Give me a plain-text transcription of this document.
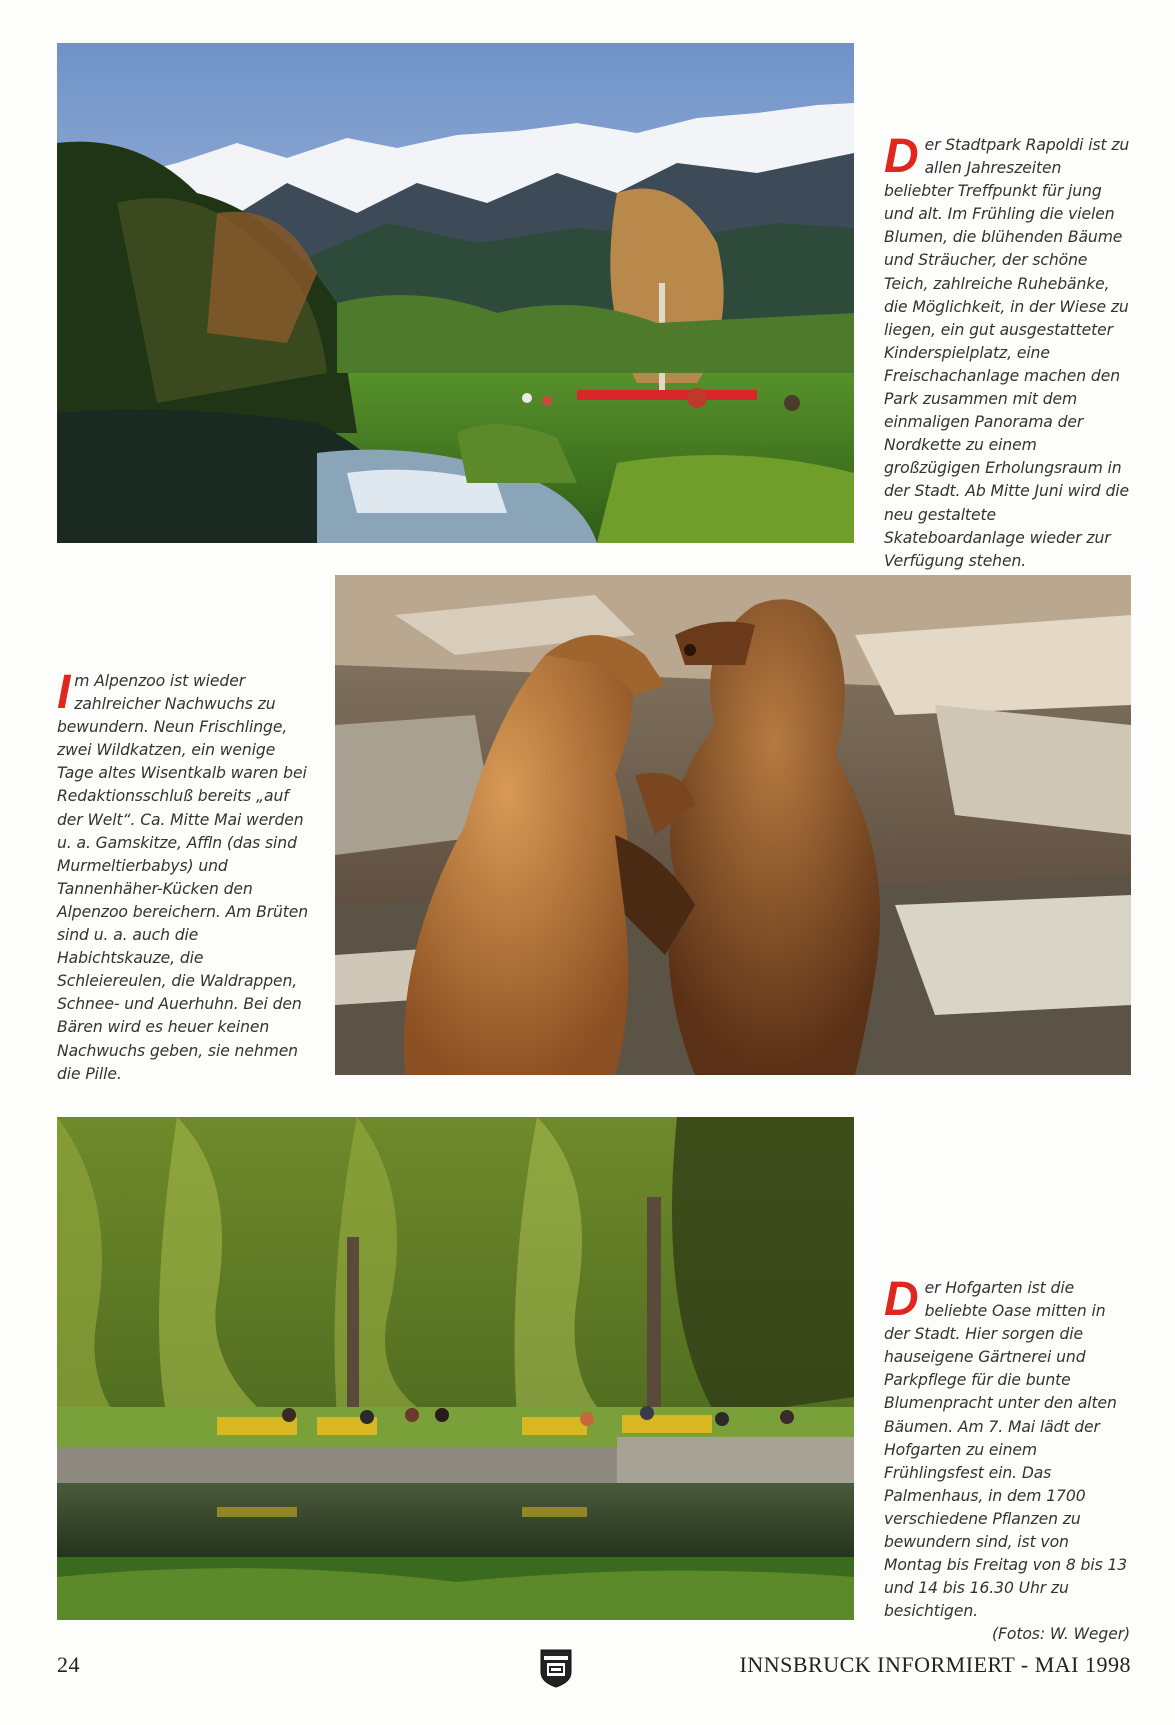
Der Stadtpark Rapoldi ist zu allen Jahreszeiten beliebter Treffpunkt für jung und alt. Im Frühling die vielen Blumen, die blühenden Bäume und Sträucher, der schöne Teich, zahlreiche Ruhebänke, die Möglichkeit, in der Wiese zu liegen, ein gut ausgestatteter Kinderspielplatz, eine Freischachanlage machen den Park zusammen mit dem einmaligen Panorama der Nordkette zu einem großzügigen Erholungsraum in der Stadt. Ab Mitte Juni wird die neu gestaltete Skateboardanlage wieder zur Verfügung stehen.

Im Alpenzoo ist wieder zahlreicher Nachwuchs zu bewundern. Neun Frischlinge, zwei Wildkatzen, ein wenige Tage altes Wisentkalb waren bei Redaktionsschluß bereits „auf der Welt“. Ca. Mitte Mai werden u. a. Gamskitze, Affln (das sind Murmeltierbabys) und Tannenhäher-Kücken den Alpenzoo bereichern. Am Brüten sind u. a. auch die Habichtskauze, die Schleiereulen, die Waldrappen, Schnee- und Auerhuhn. Bei den Bären wird es heuer keinen Nachwuchs geben, sie nehmen die Pille.

Der Hofgarten ist die beliebte Oase mitten in der Stadt. Hier sorgen die hauseigene Gärtnerei und Parkpflege für die bunte Blumenpracht unter den alten Bäumen. Am 7. Mai lädt der Hofgarten zu einem Frühlingsfest ein. Das Palmenhaus, in dem 1700 verschiedene Pflanzen zu bewundern sind, ist von Montag bis Freitag von 8 bis 13 und 14 bis 16.30 Uhr zu besichtigen.

(Fotos: W. Weger)

24	INNSBRUCK INFORMIERT - MAI 1998
